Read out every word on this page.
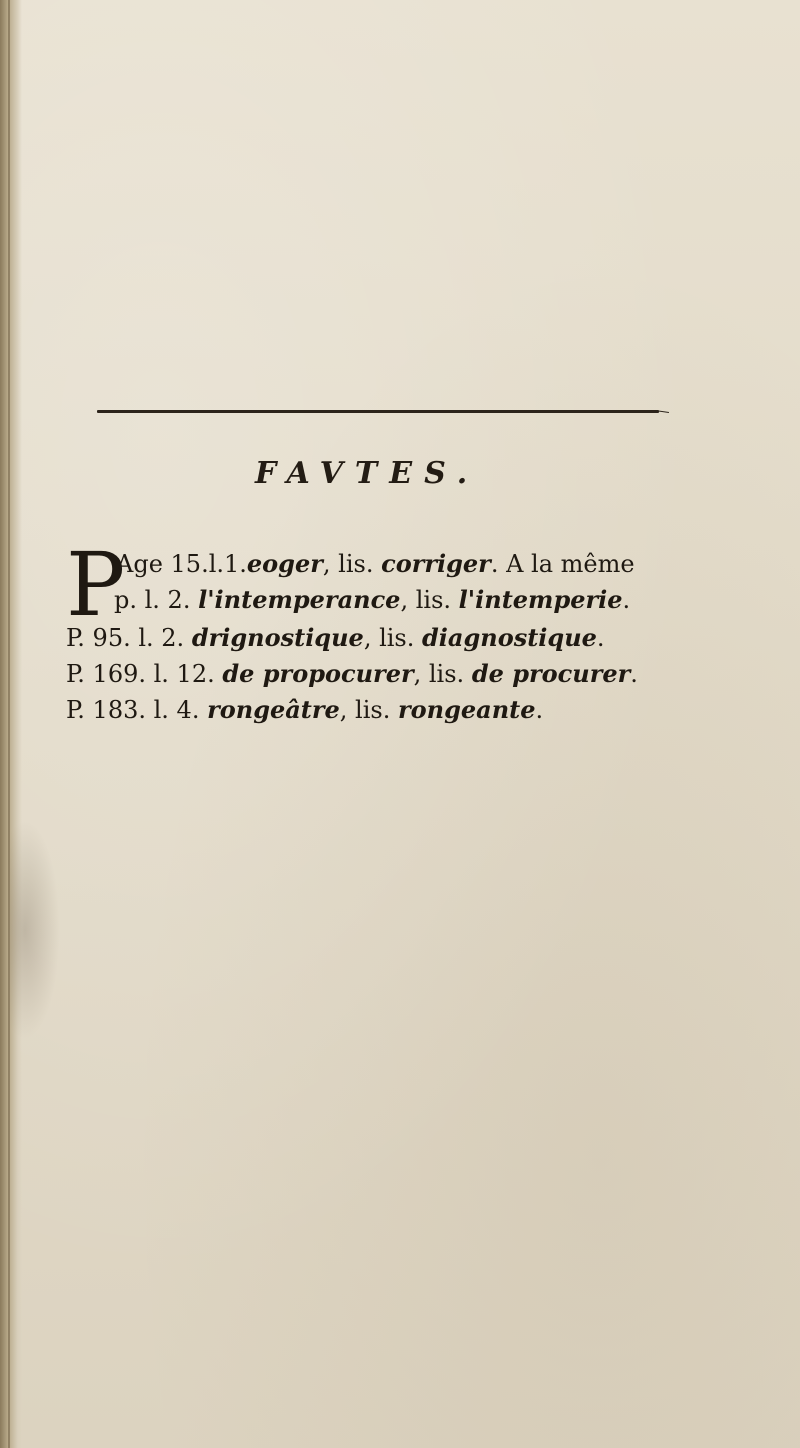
FAVTES.
P
Age 15.l.1.eoger, lis. corriger. A la même
p. l. 2. l'intemperance, lis. l'intemperie.
P. 95. l. 2. drignostique, lis. diagnostique.
P. 169. l. 12. de propocurer, lis. de procurer.
P. 183. l. 4. rongeâtre, lis. rongeante.
